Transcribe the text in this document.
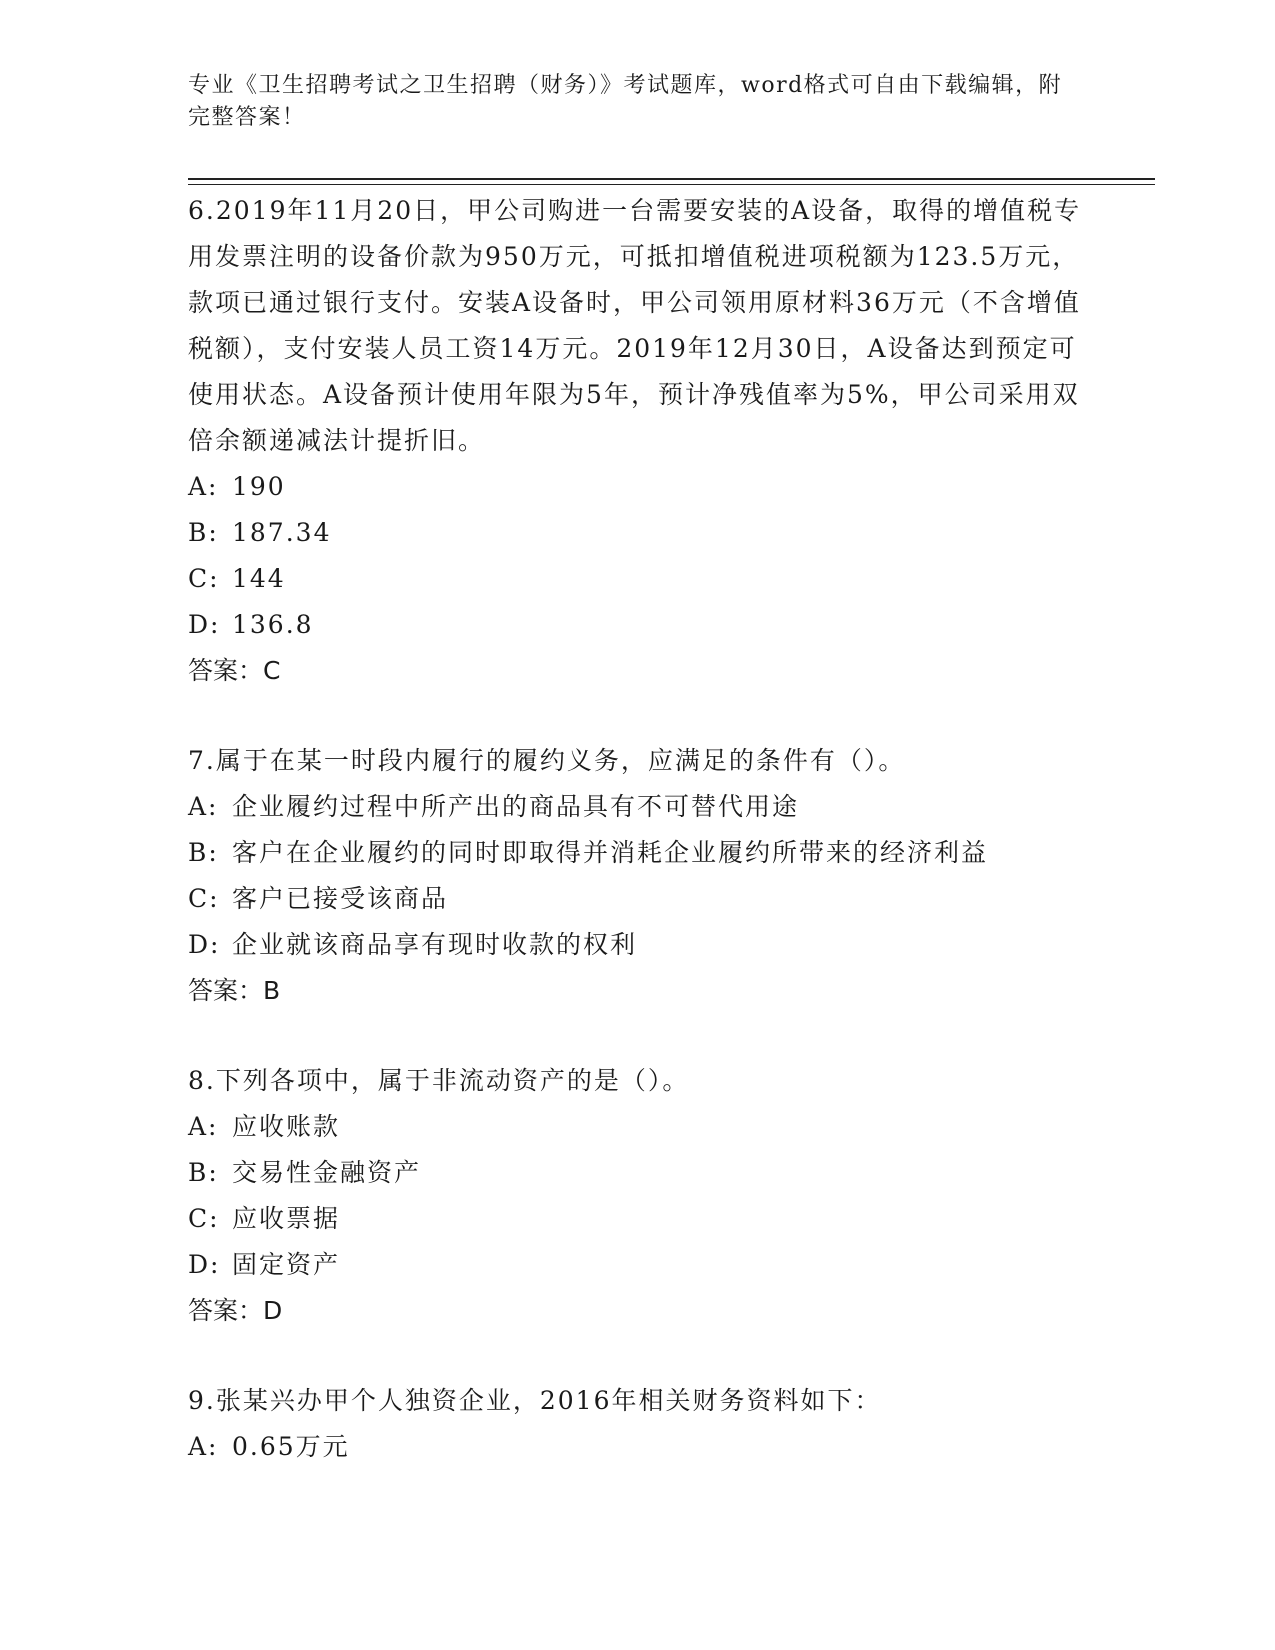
专业《卫生招聘考试之卫生招聘（财务）》考试题库，word格式可自由下载编辑，附完整答案！

6.2019年11月20日，甲公司购进一台需要安装的A设备，取得的增值税专用发票注明的设备价款为950万元，可抵扣增值税进项税额为123.5万元，款项已通过银行支付。安装A设备时，甲公司领用原材料36万元（不含增值税额），支付安装人员工资14万元。2019年12月30日，A设备达到预定可使用状态。A设备预计使用年限为5年，预计净残值率为5%，甲公司采用双倍余额递减法计提折旧。

A: 190

B: 187.34

C: 144

D: 136.8

答案：C

7.属于在某一时段内履行的履约义务，应满足的条件有（）。

A: 企业履约过程中所产出的商品具有不可替代用途

B: 客户在企业履约的同时即取得并消耗企业履约所带来的经济利益

C: 客户已接受该商品

D: 企业就该商品享有现时收款的权利

答案：B

8.下列各项中，属于非流动资产的是（）。

A: 应收账款

B: 交易性金融资产

C: 应收票据

D: 固定资产

答案：D

9.张某兴办甲个人独资企业，2016年相关财务资料如下：

A: 0.65万元
